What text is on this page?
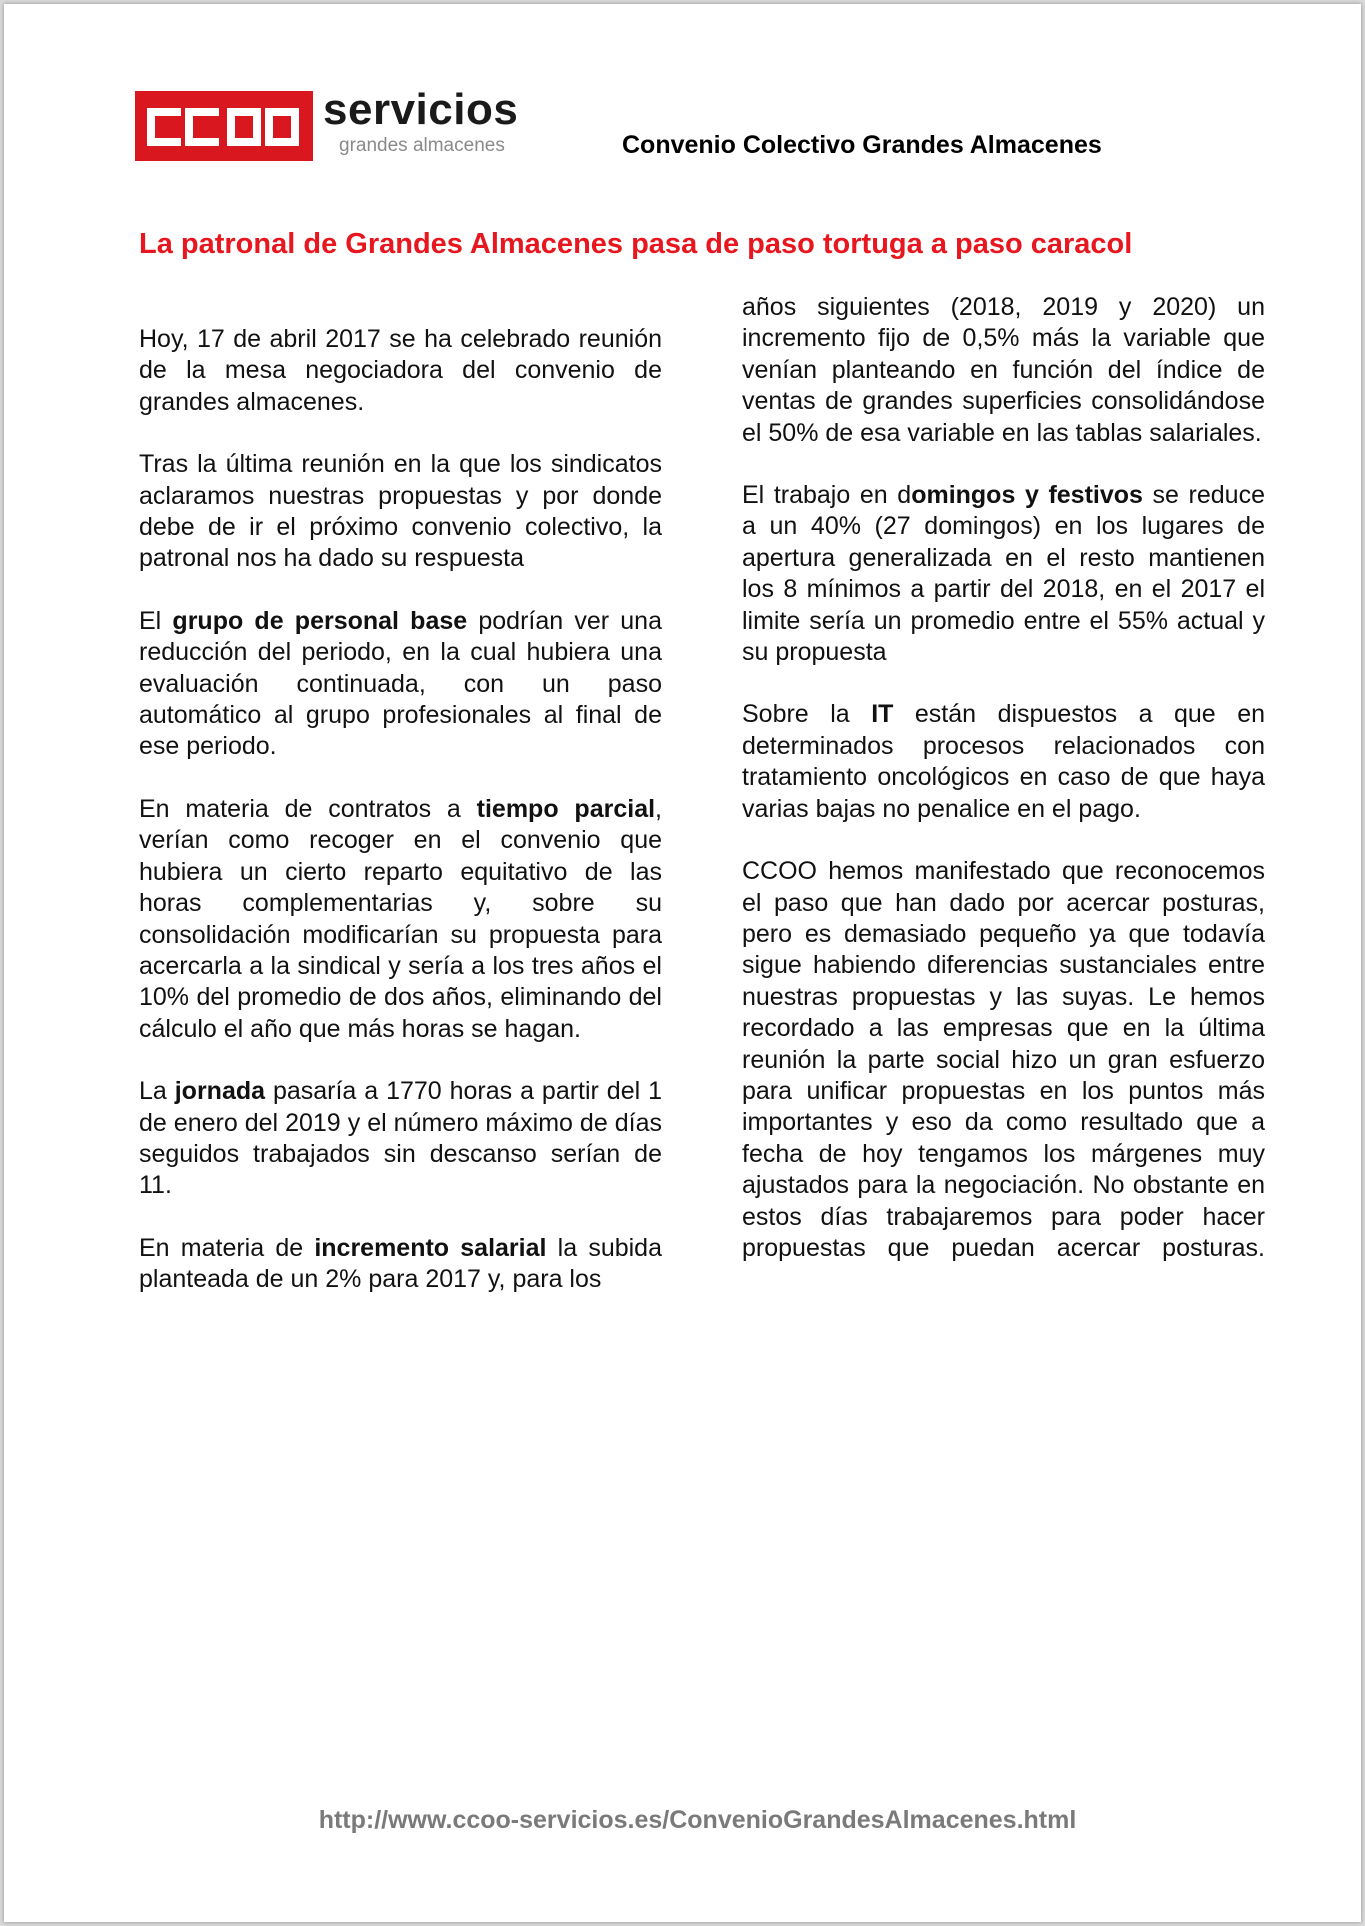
servicios
grandes almacenes	Convenio Colectivo Grandes Almacenes
La patronal de Grandes Almacenes pasa de paso tortuga a paso caracol

Hoy, 17 de abril 2017 se ha celebrado reunión de la mesa negociadora del convenio de grandes almacenes.

Tras la última reunión en la que los sindicatos aclaramos nuestras propuestas y por donde debe de ir el próximo convenio colectivo, la patronal nos ha dado su respuesta

El grupo de personal base podrían ver una reducción del periodo, en la cual hubiera una evaluación continuada, con un paso automático al grupo profesionales al final de ese periodo.

En materia de contratos a tiempo parcial, verían como recoger en el convenio que hubiera un cierto reparto equitativo de las horas complementarias y, sobre su consolidación modificarían su propuesta para acercarla a la sindical y sería a los tres años el 10% del promedio de dos años, eliminando del cálculo el año que más horas se hagan.

La jornada pasaría a 1770 horas a partir del 1 de enero del 2019 y el número máximo de días seguidos trabajados sin descanso serían de 11.

En materia de incremento salarial la subida planteada de un 2% para 2017 y, para los

años siguientes (2018, 2019 y 2020) un incremento fijo de 0,5% más la variable que venían planteando en función del índice de ventas de grandes superficies consolidándose el 50% de esa variable en las tablas salariales.

El trabajo en domingos y festivos se reduce a un 40% (27 domingos) en los lugares de apertura generalizada en el resto mantienen los 8 mínimos a partir del 2018, en el 2017 el limite sería un promedio entre el 55% actual y su propuesta

Sobre la IT están dispuestos a que en determinados procesos relacionados con tratamiento oncológicos en caso de que haya varias bajas no penalice en el pago.

CCOO hemos manifestado que reconocemos el paso que han dado por acercar posturas, pero es demasiado pequeño ya que todavía sigue habiendo diferencias sustanciales entre nuestras propuestas y las suyas. Le hemos recordado a las empresas que en la última reunión la parte social hizo un gran esfuerzo para unificar propuestas en los puntos más importantes y eso da como resultado que a fecha de hoy tengamos los márgenes muy ajustados para la negociación. No obstante en estos días trabajaremos para poder hacer propuestas que puedan acercar posturas.

http://www.ccoo-servicios.es/ConvenioGrandesAlmacenes.html
